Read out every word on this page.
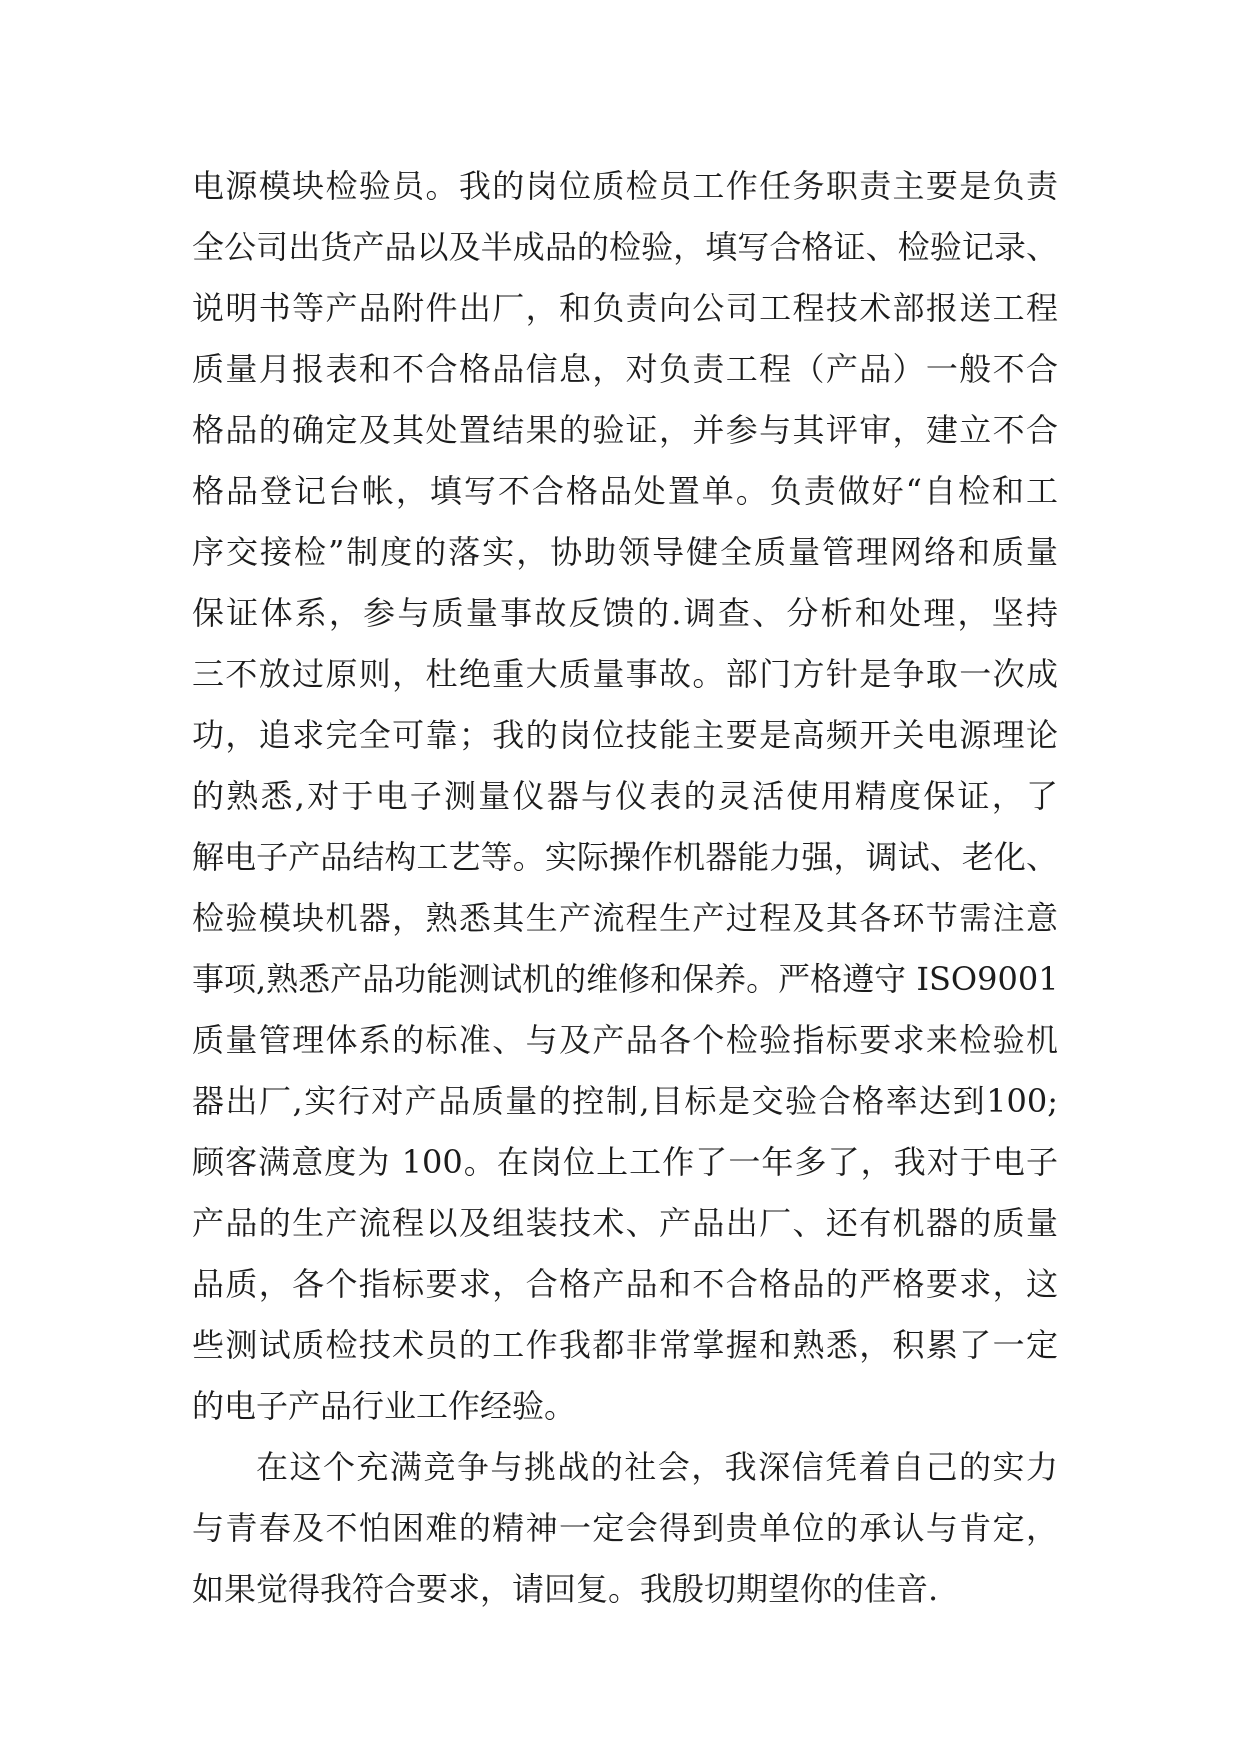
电源模块检验员。我的岗位质检员工作任务职责主要是负责
全公司出货产品以及半成品的检验，填写合格证、检验记录、
说明书等产品附件出厂，和负责向公司工程技术部报送工程
质量月报表和不合格品信息，对负责工程（产品）一般不合
格品的确定及其处置结果的验证，并参与其评审，建立不合
格品登记台帐，填写不合格品处置单。负责做好“自检和工
序交接检”制度的落实，协助领导健全质量管理网络和质量
保证体系，参与质量事故反馈的.调查、分析和处理，坚持
三不放过原则，杜绝重大质量事故。部门方针是争取一次成
功，追求完全可靠；我的岗位技能主要是高频开关电源理论
的熟悉,对于电子测量仪器与仪表的灵活使用精度保证，了
解电子产品结构工艺等。实际操作机器能力强，调试、老化、
检验模块机器，熟悉其生产流程生产过程及其各环节需注意
事项,熟悉产品功能测试机的维修和保养。严格遵守 ISO9001
质量管理体系的标准、与及产品各个检验指标要求来检验机
器出厂,实行对产品质量的控制,目标是交验合格率达到100;
顾客满意度为 100。在岗位上工作了一年多了，我对于电子
产品的生产流程以及组装技术、产品出厂、还有机器的质量
品质，各个指标要求，合格产品和不合格品的严格要求，这
些测试质检技术员的工作我都非常掌握和熟悉，积累了一定
的电子产品行业工作经验。
在这个充满竞争与挑战的社会，我深信凭着自己的实力
与青春及不怕困难的精神一定会得到贵单位的承认与肯定，
如果觉得我符合要求，请回复。我殷切期望你的佳音.
